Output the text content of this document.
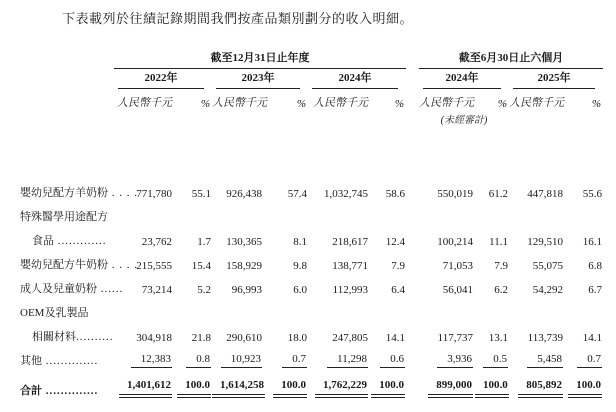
下表載列於往績記錄期間我們按產品類別劃分的收入明細。
	截至12月31日止年度							截至6月30日止六個月			

	2022年		2023年		2024年			2024年		2025年	

	人民幣千元	%	人民幣千元	%	人民幣千元	%		人民幣千元	%	人民幣千元	%
								(未經審計)			

嬰幼兒配方羊奶粉 . . . .	771,780	55.1	926,438	57.4	1,032,745	58.6		550,019	61.2	447,818	55.6
特殊醫學用途配方											
食品 .............	23,762	1.7	130,365	8.1	218,617	12.4		100,214	11.1	129,510	16.1
嬰幼兒配方牛奶粉 . . . .	215,555	15.4	158,929	9.8	138,771	7.9		71,053	7.9	55,075	6.8
成人及兒童奶粉 ......	73,214	5.2	96,993	6.0	112,993	6.4		56,041	6.2	54,292	6.7
OEM及乳製品											
相關材料..........	304,918	21.8	290,610	18.0	247,805	14.1		117,737	13.1	113,739	14.1
其他 ..............	12,383	0.8	10,923	0.7	11,298	0.6		3,936	0.5	5,458	0.7
合計 ..............	1,401,612	100.0	1,614,258	100.0	1,762,229	100.0		899,000	100.0	805,892	100.0
